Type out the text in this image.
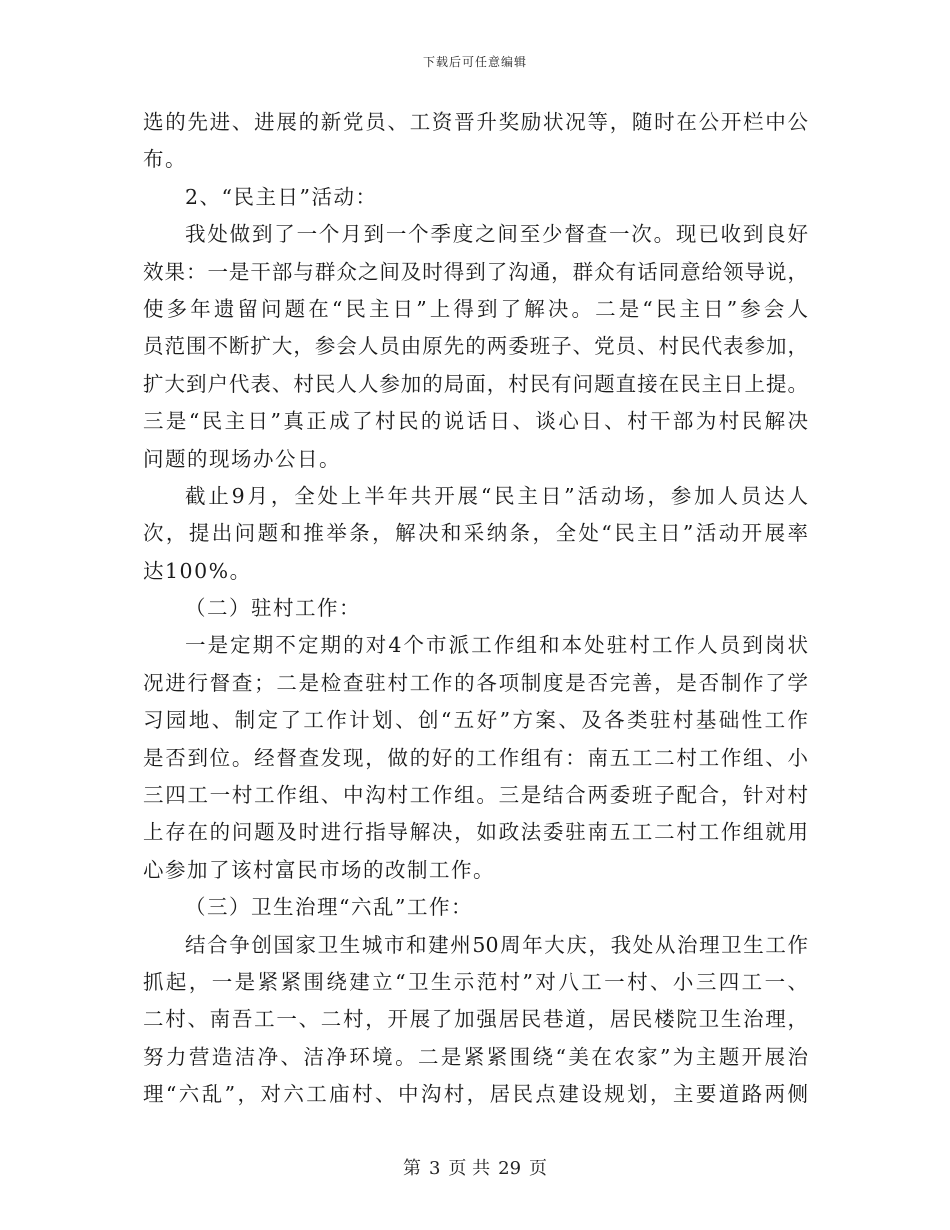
下载后可任意编辑
选的先进、进展的新党员、工资晋升奖励状况等，随时在公开栏中公
布。
2、“民主日”活动：
我处做到了一个月到一个季度之间至少督查一次。现已收到良好
效果：一是干部与群众之间及时得到了沟通，群众有话同意给领导说，
使多年遗留问题在“民主日”上得到了解决。二是“民主日”参会人
员范围不断扩大，参会人员由原先的两委班子、党员、村民代表参加，
扩大到户代表、村民人人参加的局面，村民有问题直接在民主日上提。
三是“民主日”真正成了村民的说话日、谈心日、村干部为村民解决
问题的现场办公日。
截止9月，全处上半年共开展“民主日”活动场，参加人员达人
次，提出问题和推举条，解决和采纳条，全处“民主日”活动开展率
达100%。
（二）驻村工作：
一是定期不定期的对4个市派工作组和本处驻村工作人员到岗状
况进行督查；二是检查驻村工作的各项制度是否完善，是否制作了学
习园地、制定了工作计划、创“五好”方案、及各类驻村基础性工作
是否到位。经督查发现，做的好的工作组有：南五工二村工作组、小
三四工一村工作组、中沟村工作组。三是结合两委班子配合，针对村
上存在的问题及时进行指导解决，如政法委驻南五工二村工作组就用
心参加了该村富民市场的改制工作。
（三）卫生治理“六乱”工作：
结合争创国家卫生城市和建州50周年大庆，我处从治理卫生工作
抓起，一是紧紧围绕建立“卫生示范村”对八工一村、小三四工一、
二村、南吾工一、二村，开展了加强居民巷道，居民楼院卫生治理，
努力营造洁净、洁净环境。二是紧紧围绕“美在农家”为主题开展治
理“六乱”，对六工庙村、中沟村，居民点建设规划，主要道路两侧
第 3 页 共 29 页
